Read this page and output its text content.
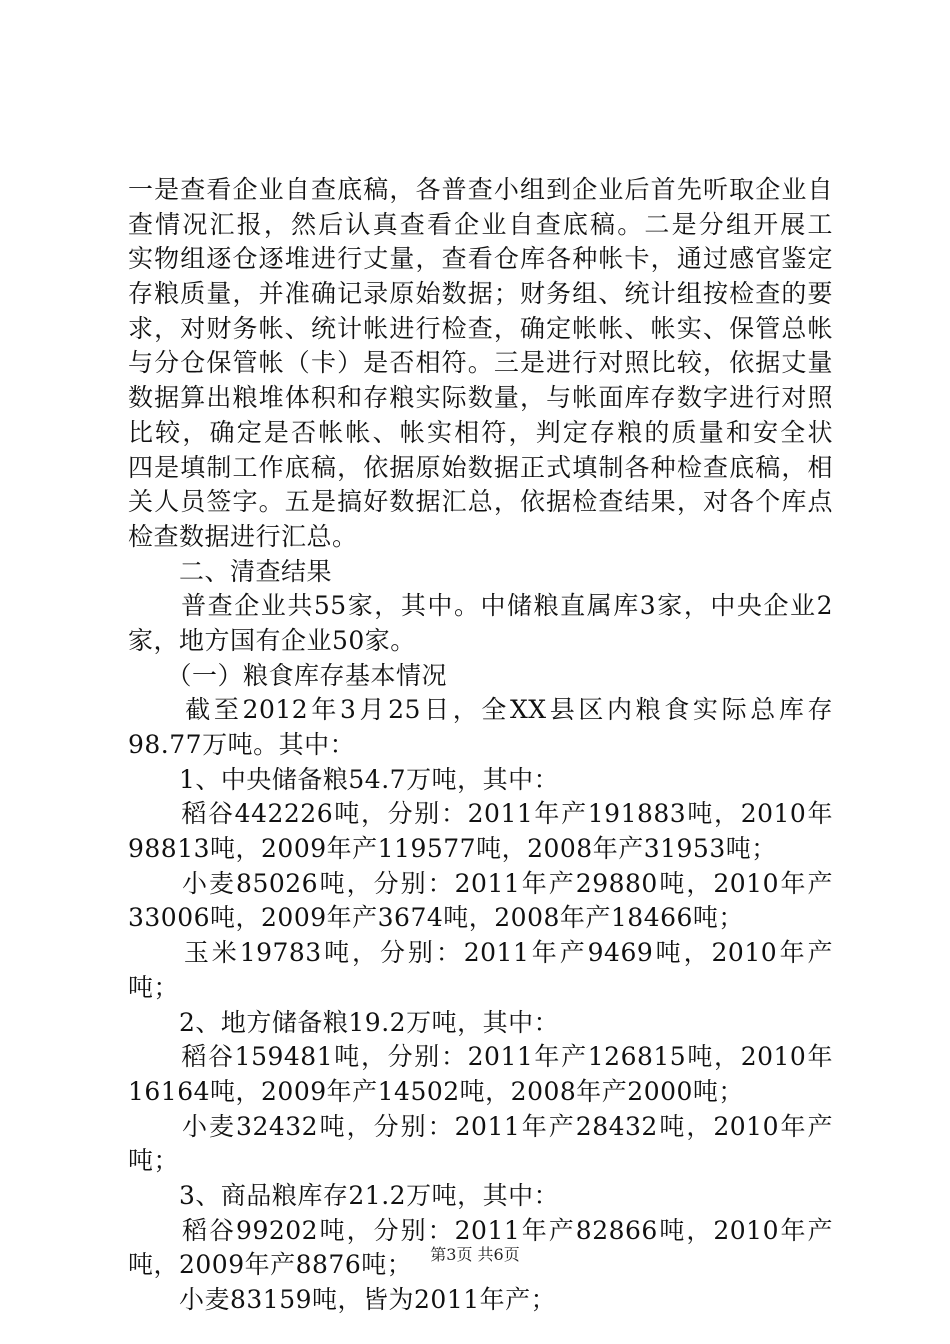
一是查看企业自查底稿，各普查小组到企业后首先听取企业自
查情况汇报，然后认真查看企业自查底稿。二是分组开展工
实物组逐仓逐堆进行丈量，查看仓库各种帐卡，通过感官鉴定
存粮质量，并准确记录原始数据；财务组、统计组按检查的要
求，对财务帐、统计帐进行检查，确定帐帐、帐实、保管总帐
与分仓保管帐（卡）是否相符。三是进行对照比较，依据丈量
数据算出粮堆体积和存粮实际数量，与帐面库存数字进行对照
比较，确定是否帐帐、帐实相符，判定存粮的质量和安全状
四是填制工作底稿，依据原始数据正式填制各种检查底稿，相
关人员签字。五是搞好数据汇总，依据检查结果，对各个库点
检查数据进行汇总。
　　二、清查结果
　　普查企业共55家，其中。中储粮直属库3家，中央企业2
家，地方国有企业50家。
　　（一）粮食库存基本情况
　　截至2012年3月25日，全XX县区内粮食实际总库存
98.77万吨。其中：
　　1、中央储备粮54.7万吨，其中：
　　稻谷442226吨，分别：2011年产191883吨，2010年
98813吨，2009年产119577吨，2008年产31953吨；
　　小麦85026吨，分别：2011年产29880吨，2010年产
33006吨，2009年产3674吨，2008年产18466吨；
　　玉米19783吨，分别：2011年产9469吨，2010年产
吨；
　　2、地方储备粮19.2万吨，其中：
　　稻谷159481吨，分别：2011年产126815吨，2010年
16164吨，2009年产14502吨，2008年产2000吨；
　　小麦32432吨，分别：2011年产28432吨，2010年产
吨；
　　3、商品粮库存21.2万吨，其中：
　　稻谷99202吨，分别：2011年产82866吨，2010年产
吨，2009年产8876吨；
　　小麦83159吨，皆为2011年产；
第3页 共6页
